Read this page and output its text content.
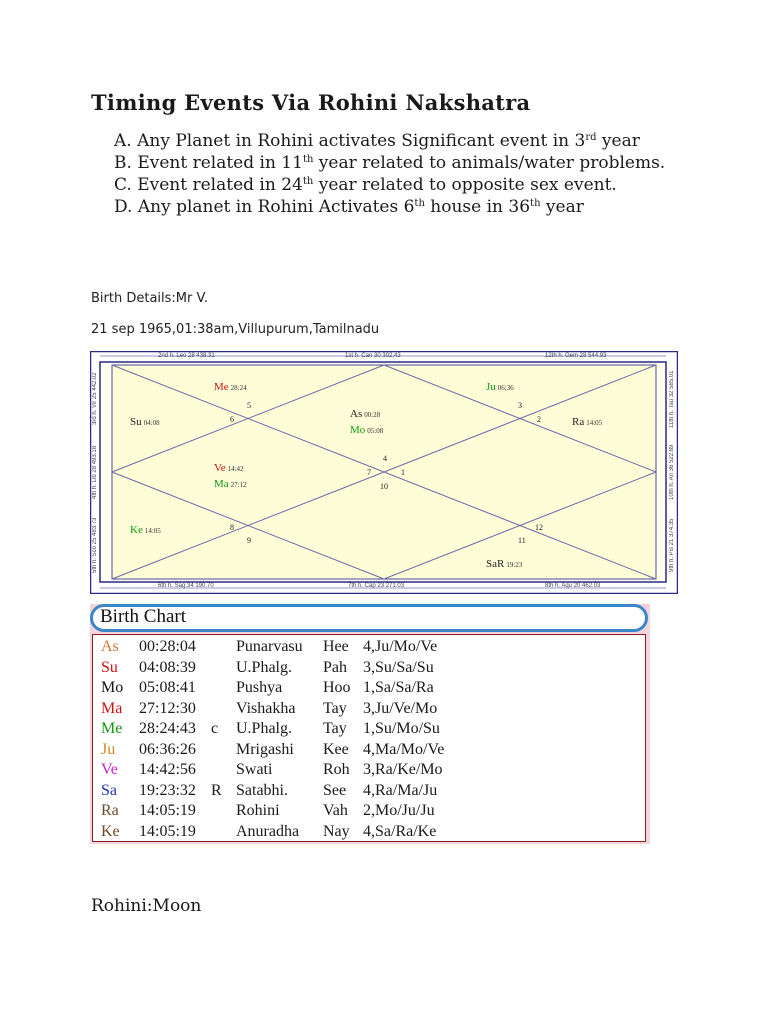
Timing Events Via Rohini Nakshatra
A. Any Planet in Rohini activates Significant event in 3rd year
B. Event related in 11th year related to animals/water problems.
C. Event related in 24th year related to opposite sex event.
D. Any planet in Rohini Activates 6th house in 36th year
Birth Details:Mr V.
21 sep 1965,01:38am,Villupurum,Tamilnadu
2nd h. Leo 28 438.31	1st h. Can 30 302.43	12th h. Gem 28 544.93
6th h. Sag 34 190.70	7th h. Cap 23 271.03	8th h. Aqu 20 462.03
3rd h. Vir 25 442.02
4th h. Lib 28 493.18
5th h. Sco 25 483.73
11th h. Tau 32 585.01
10th h. Ari 36 522.89
9th h. Pis 21 374.35
4
5
6
7	1
10
3
2
8
9
12
11
Me 28:24
Su 04:08
As 00:28
Mo 05:08
Ju 06:36
Ra 14:05
Ve 14:42
Ma 27:12
Ke 14:05
SaR 19:23
Birth Chart
As 00:28:04	Punarvasu Hee 4,Ju/Mo/Ve
Su 04:08:39	U.Phalg. Pah 3,Su/Sa/Su
Mo 05:08:41	Pushya	Hoo 1,Sa/Sa/Ra
Ma 27:12:30	Vishakha Tay 3,Ju/Ve/Mo
Me 28:24:43 c U.Phalg. Tay 1,Su/Mo/Su
Ju 06:36:26	Mrigashi Kee 4,Ma/Mo/Ve
Ve 14:42:56	Swati	Roh 3,Ra/Ke/Mo
Sa 19:23:32 R Satabhi. See 4,Ra/Ma/Ju
Ra 14:05:19	Rohini	Vah 2,Mo/Ju/Ju
Ke 14:05:19	Anuradha Nay 4,Sa/Ra/Ke
Rohini:Moon
